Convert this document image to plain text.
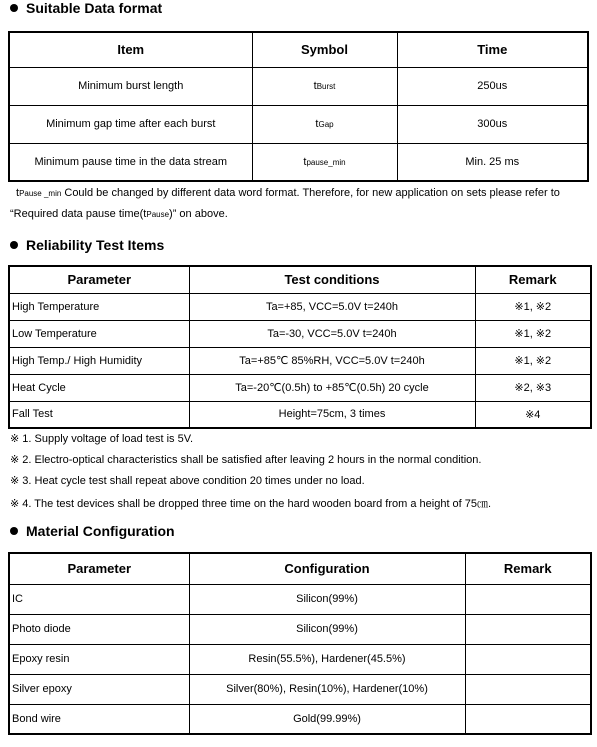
Suitable Data format
Item	Symbol	Time
Minimum burst length	tBurst	250us
Minimum gap time after each burst	tGap	300us
Minimum pause time in the data stream	tpause_min	Min. 25 ms
tPause _min Could be changed by different data word format. Therefore, for new application on sets please refer to
“Required data pause time(tPause)” on above.
Reliability Test Items
Parameter	Test conditions	Remark
High Temperature	Ta=+85, VCC=5.0V t=240h	※1, ※2
Low Temperature	Ta=-30, VCC=5.0V t=240h	※1, ※2
High Temp./ High Humidity	Ta=+85℃ 85%RH, VCC=5.0V t=240h	※1, ※2
Heat Cycle	Ta=-20℃(0.5h) to +85℃(0.5h) 20 cycle	※2, ※3
Fall Test	Height=75cm, 3 times	※4
※ 1. Supply voltage of load test is 5V.
※ 2. Electro-optical characteristics shall be satisfied after leaving 2 hours in the normal condition.
※ 3. Heat cycle test shall repeat above condition 20 times under no load.
※ 4. The test devices shall be dropped three time on the hard wooden board from a height of 75㎝.
Material Configuration
Parameter	Configuration	Remark
IC	Silicon(99%)	
Photo diode	Silicon(99%)	
Epoxy resin	Resin(55.5%), Hardener(45.5%)	
Silver epoxy	Silver(80%), Resin(10%), Hardener(10%)	
Bond wire	Gold(99.99%)	
